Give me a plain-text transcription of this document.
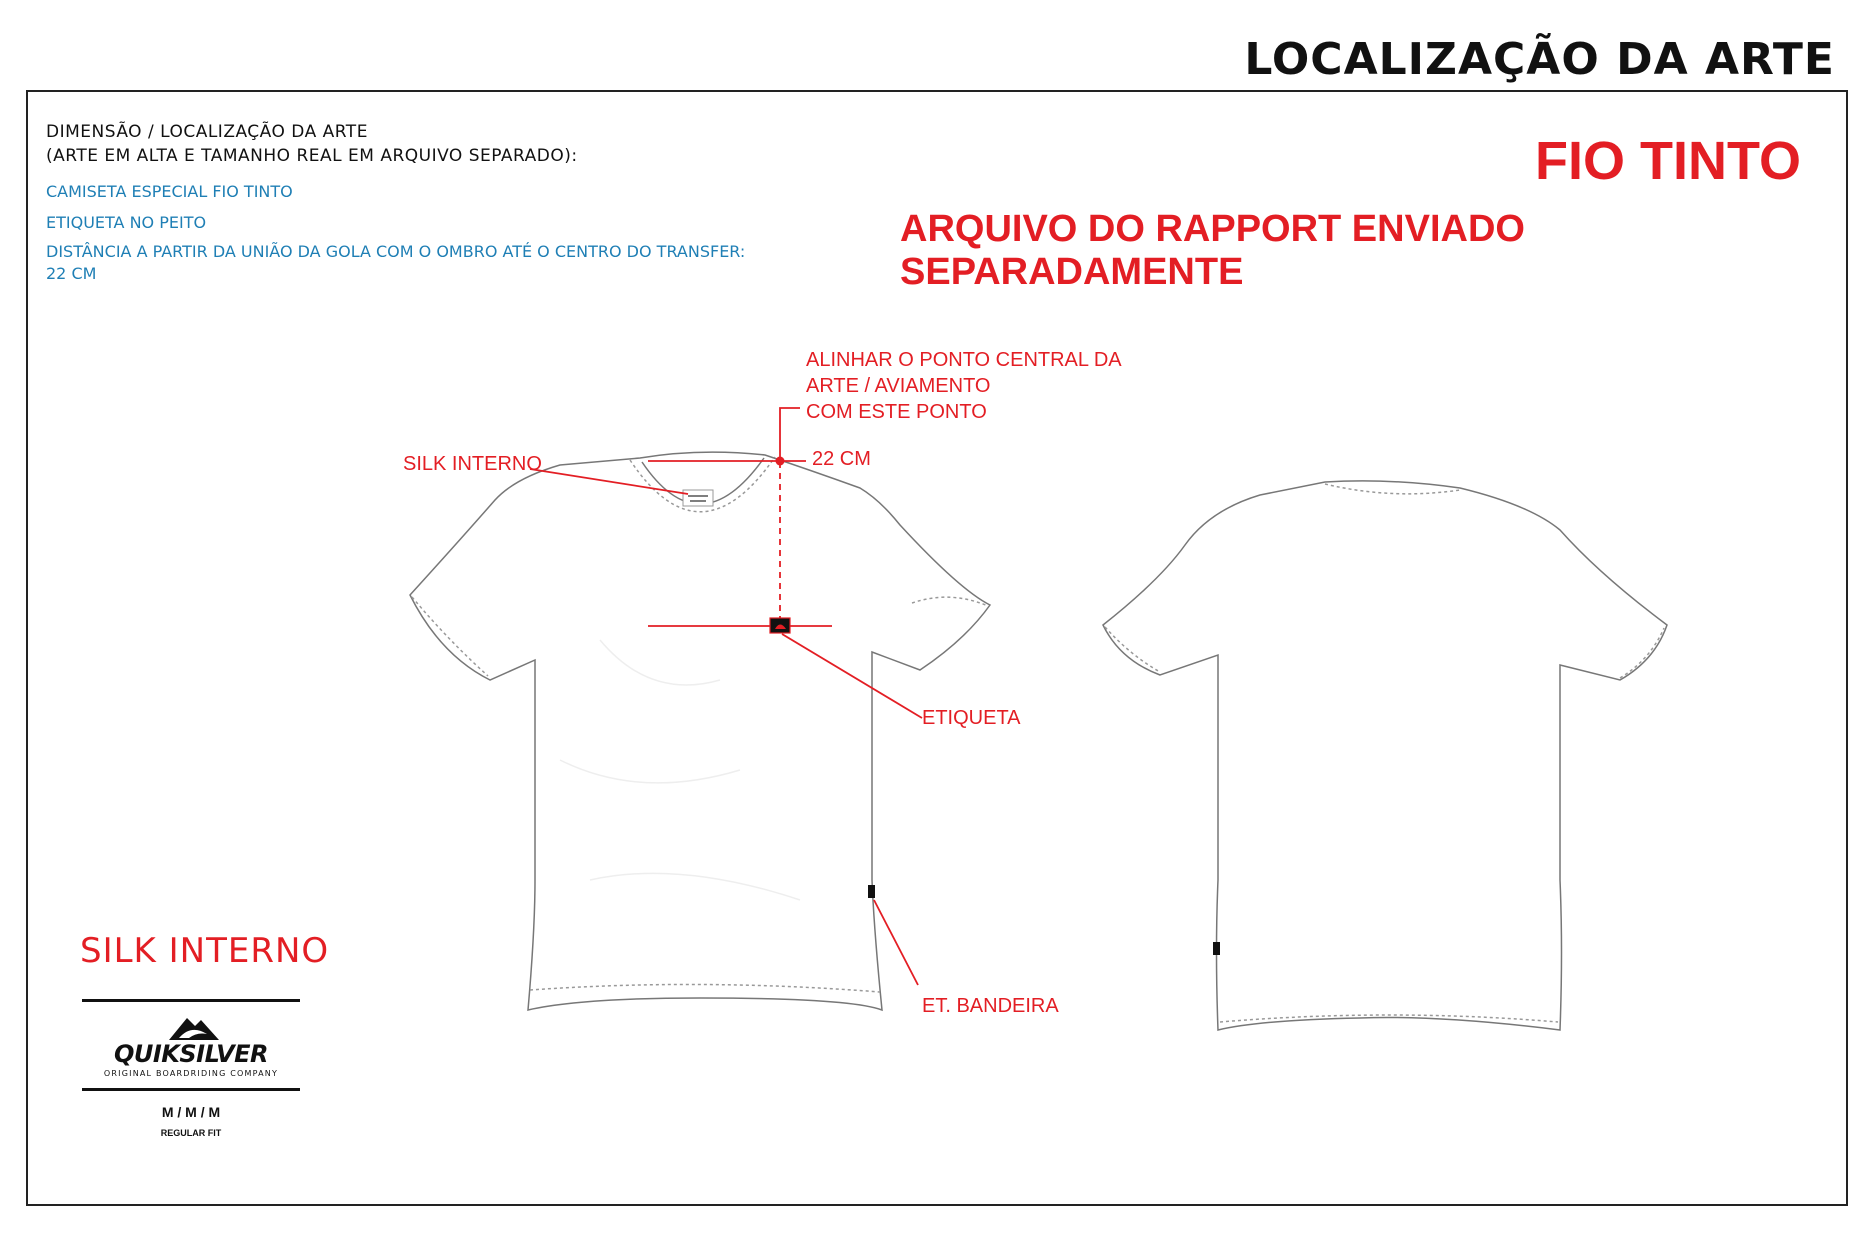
LOCALIZAÇÃO DA ARTE
DIMENSÃO / LOCALIZAÇÃO DA ARTE
(ARTE EM ALTA E TAMANHO REAL EM ARQUIVO SEPARADO):
CAMISETA ESPECIAL FIO TINTO
ETIQUETA NO PEITO
DISTÂNCIA A PARTIR DA UNIÃO DA GOLA COM O OMBRO ATÉ O CENTRO DO TRANSFER:
22 CM
FIO TINTO
ARQUIVO DO RAPPORT ENVIADO SEPARADAMENTE
ALINHAR O PONTO CENTRAL DA
ARTE / AVIAMENTO
COM ESTE PONTO
22 CM
SILK INTERNO
ETIQUETA
ET. BANDEIRA
SILK INTERNO
QUIKSILVER
ORIGINAL BOARDRIDING COMPANY
M / M / M
REGULAR FIT
